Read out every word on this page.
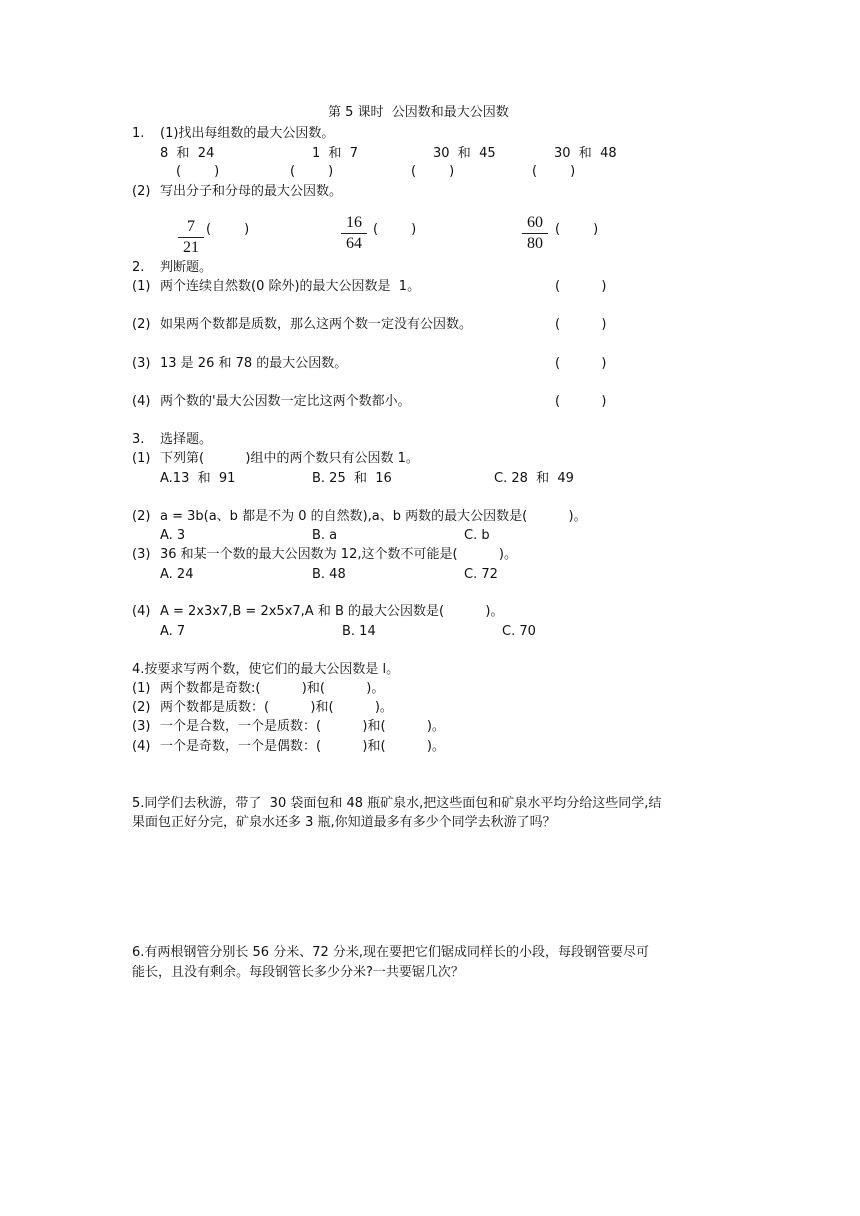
第 5 课时  公因数和最大公因数
1. (1)找出每组数的最大公因数。
8  和  24	1  和  7	30  和  45	30  和  48
(        )	(        )	(        )	(        )
(2) 写出分子和分母的最大公因数。
7
21
(        )	16
64
(        )	60
80
(        )
2. 判断题。
(1) 两个连续自然数(0 除外)的最大公因数是  1。	(          )
(2) 如果两个数都是质数，那么这两个数一定没有公因数。	(          )
(3) 13 是 26 和 78 的最大公因数。	(          )
(4) 两个数的'最大公因数一定比这两个数都小。	(          )
3. 选择题。
(1) 下列第(          )组中的两个数只有公因数 1。
A.13  和  91	B. 25  和  16	C. 28  和  49
(2) a = 3b(a、b 都是不为 0 的自然数),a、b 两数的最大公因数是(          )。
A. 3	B. a	C. b
(3) 36 和某一个数的最大公因数为 12,这个数不可能是(          )。
A. 24	B. 48	C. 72
(4) A = 2x3x7,B = 2x5x7,A 和 B 的最大公因数是(          )。
A. 7	B. 14	C. 70
4.按要求写两个数，使它们的最大公因数是 l。
(1) 两个数都是奇数:(          )和(          )。
(2) 两个数都是质数：(          )和(          )。
(3) 一个是合数，一个是质数：(          )和(          )。
(4) 一个是奇数，一个是偶数：(          )和(          )。
5.同学们去秋游，带了  30 袋面包和 48 瓶矿泉水,把这些面包和矿泉水平均分给这些同学,结
果面包正好分完，矿泉水还多 3 瓶,你知道最多有多少个同学去秋游了吗？
6.有两根钢管分别长 56 分米、72 分米,现在要把它们锯成同样长的小段，每段钢管要尽可
能长，且没有剩余。每段钢管长多少分米?一共要锯几次？
